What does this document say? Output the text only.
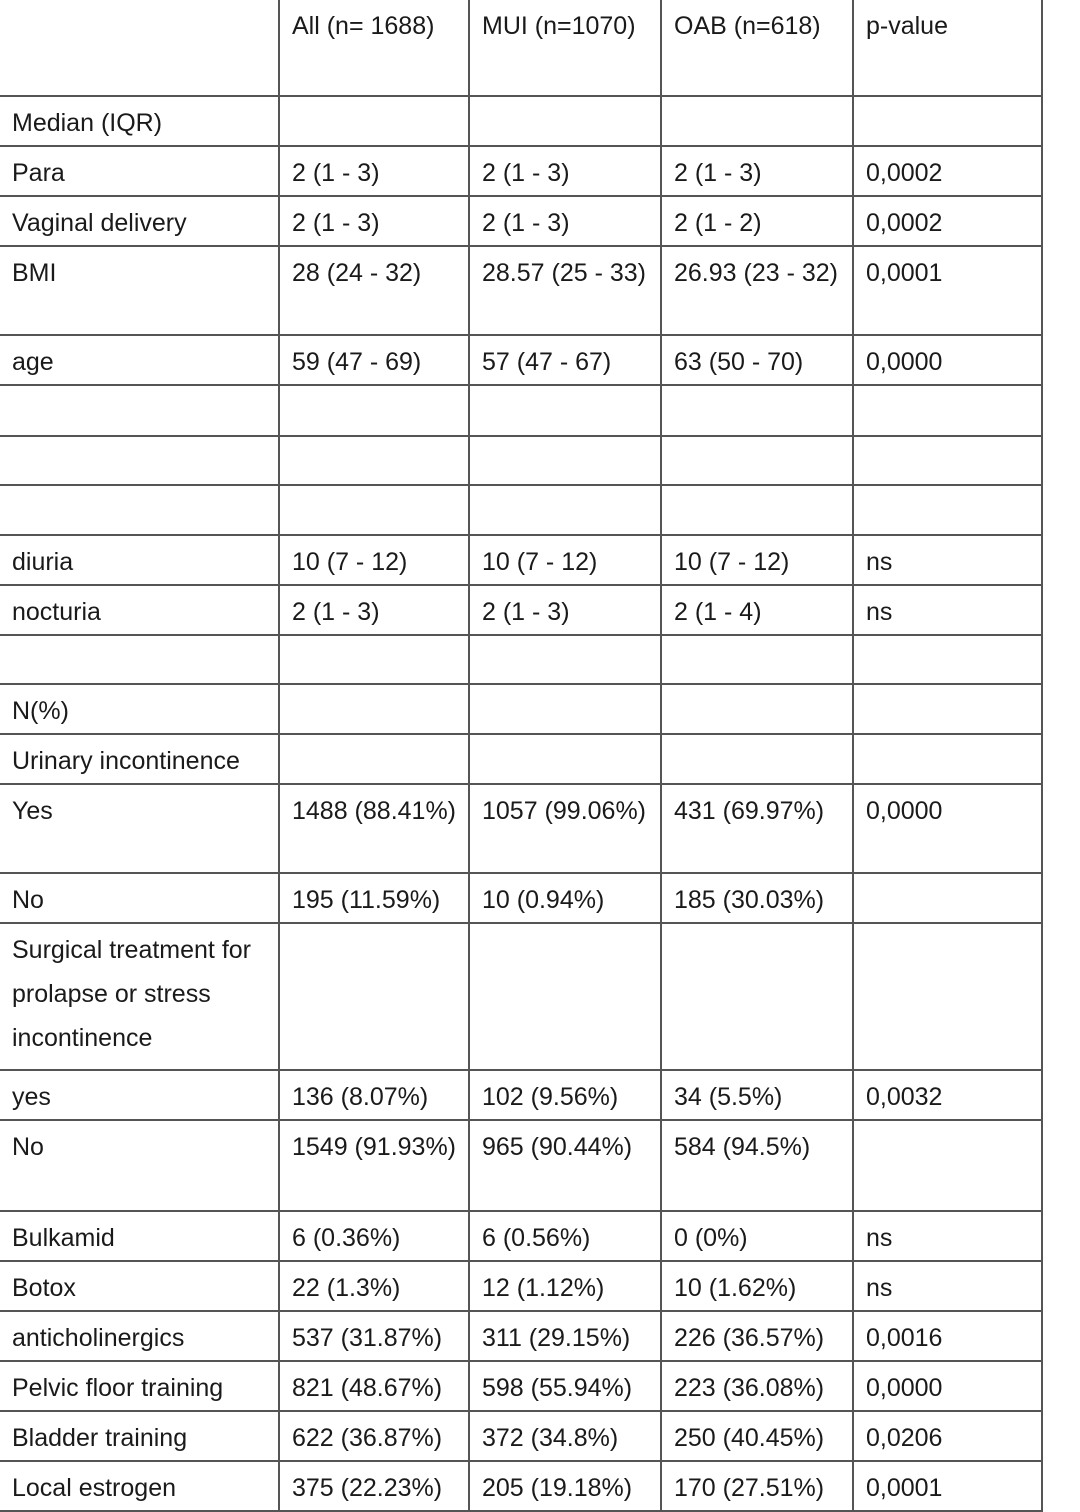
	All (n= 1688)	MUI (n=1070)	OAB (n=618)	p-value
Median (IQR)				
Para	2 (1 - 3)	2 (1 - 3)	2 (1 - 3)	0,0002
Vaginal delivery	2 (1 - 3)	2 (1 - 3)	2 (1 - 2)	0,0002
BMI	28 (24 - 32)	28.57 (25 - 33)	26.93 (23 - 32)	0,0001
age	59 (47 - 69)	57 (47 - 67)	63 (50 - 70)	0,0000

diuria	10 (7 - 12)	10 (7 - 12)	10 (7 - 12)	ns
nocturia	2 (1 - 3)	2 (1 - 3)	2 (1 - 4)	ns

N(%)				
Urinary incontinence				
Yes	1488 (88.41%)	1057 (99.06%)	431 (69.97%)	0,0000
No	195 (11.59%)	10 (0.94%)	185 (30.03%)	
Surgical treatment for prolapse or stress incontinence				
yes	136 (8.07%)	102 (9.56%)	34 (5.5%)	0,0032
No	1549 (91.93%)	965 (90.44%)	584 (94.5%)	
Bulkamid	6 (0.36%)	6 (0.56%)	0 (0%)	ns
Botox	22 (1.3%)	12 (1.12%)	10 (1.62%)	ns
anticholinergics	537 (31.87%)	311 (29.15%)	226 (36.57%)	0,0016
Pelvic floor training	821 (48.67%)	598 (55.94%)	223 (36.08%)	0,0000
Bladder training	622 (36.87%)	372 (34.8%)	250 (40.45%)	0,0206
Local estrogen	375 (22.23%)	205 (19.18%)	170 (27.51%)	0,0001
